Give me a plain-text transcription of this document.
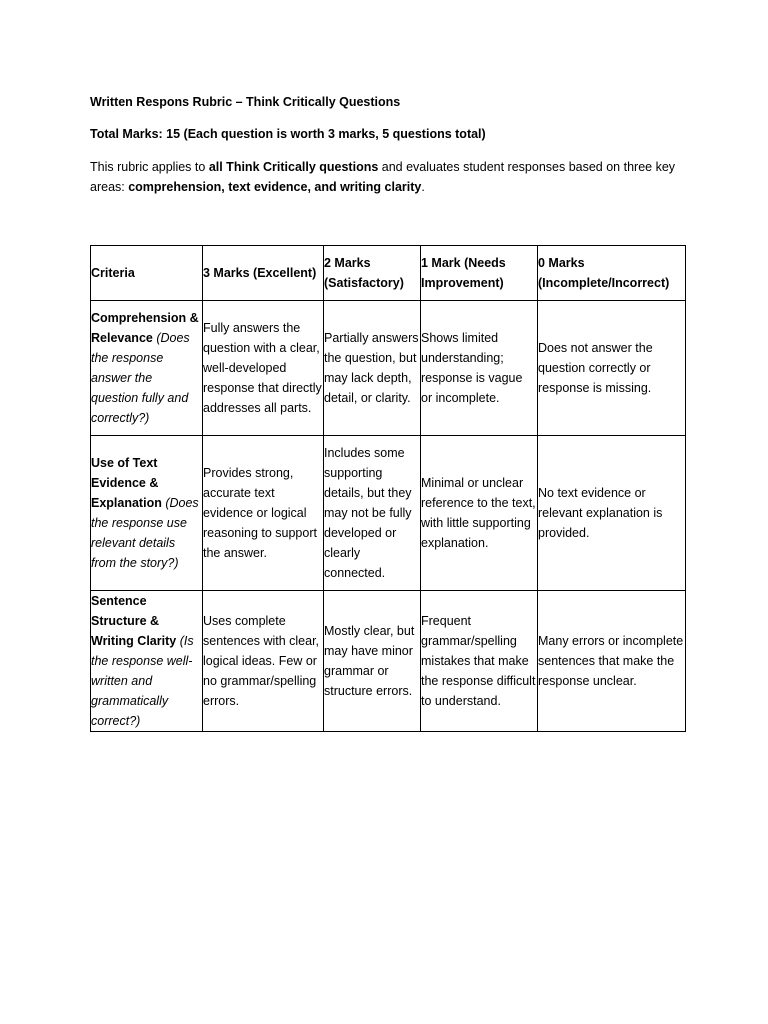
Written Respons Rubric – Think Critically Questions

Total Marks: 15 (Each question is worth 3 marks, 5 questions total)

This rubric applies to all Think Critically questions and evaluates student responses based on three key areas: comprehension, text evidence, and writing clarity.

Criteria	3 Marks (Excellent)	2 Marks (Satisfactory)	1 Mark (Needs Improvement)	0 Marks (Incomplete/Incorrect)
Comprehension & Relevance (Does the response answer the question fully and correctly?)	Fully answers the question with a clear, well-developed response that directly addresses all parts.	Partially answers the question, but may lack depth, detail, or clarity.	Shows limited understanding; response is vague or incomplete.	Does not answer the question correctly or response is missing.
Use of Text Evidence & Explanation (Does the response use relevant details from the story?)	Provides strong, accurate text evidence or logical reasoning to support the answer.	Includes some supporting details, but they may not be fully developed or clearly connected.	Minimal or unclear reference to the text, with little supporting explanation.	No text evidence or relevant explanation is provided.
Sentence Structure & Writing Clarity (Is the response well-written and grammatically correct?)	Uses complete sentences with clear, logical ideas. Few or no grammar/spelling errors.	Mostly clear, but may have minor grammar or structure errors.	Frequent grammar/spelling mistakes that make the response difficult to understand.	Many errors or incomplete sentences that make the response unclear.
